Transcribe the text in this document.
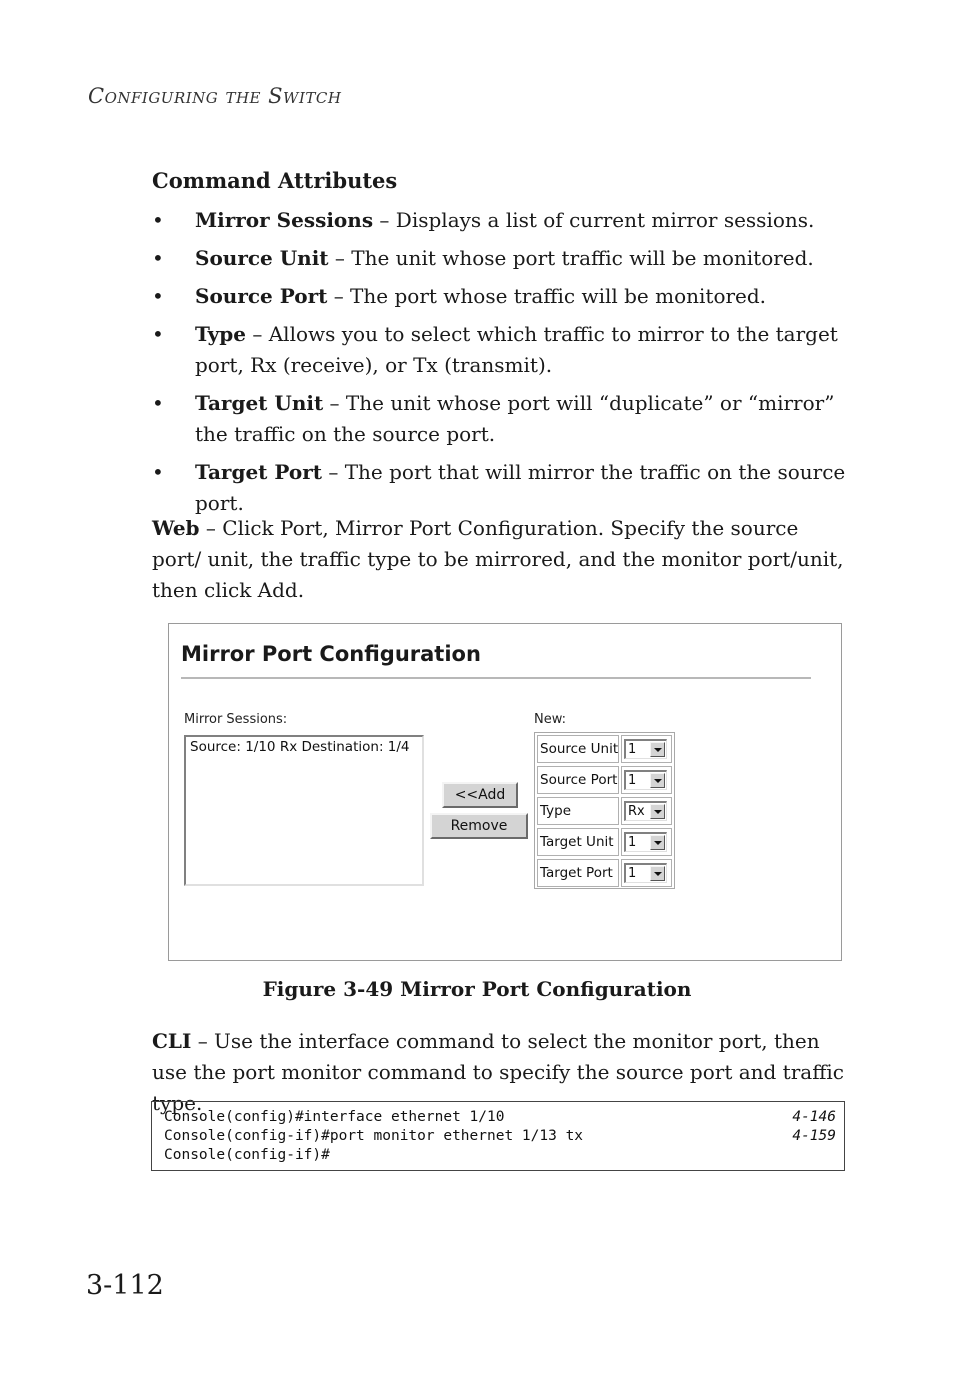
Configuring the Switch
Command Attributes
• Mirror Sessions – Displays a list of current mirror sessions.
• Source Unit – The unit whose port traffic will be monitored.
• Source Port – The port whose traffic will be monitored.
• Type – Allows you to select which traffic to mirror to the target port, Rx (receive), or Tx (transmit).
• Target Unit – The unit whose port will “duplicate” or “mirror” the traffic on the source port.
• Target Port – The port that will mirror the traffic on the source port.
Web – Click Port, Mirror Port Configuration. Specify the source port/ unit, the traffic type to be mirrored, and the monitor port/unit, then click Add.
Mirror Port Configuration
Mirror Sessions:
Source: 1/10 Rx Destination: 1/4
<<Add
Remove
New:
Source Unit 1
Source Port 1
Type	Rx
Target Unit	1
Target Port	1
Figure 3-49 Mirror Port Configuration
CLI – Use the interface command to select the monitor port, then use the port monitor command to specify the source port and traffic type.
Console(config)#interface ethernet 1/10	4-146
Console(config-if)#port monitor ethernet 1/13 tx	4-159
Console(config-if)#
3-112
